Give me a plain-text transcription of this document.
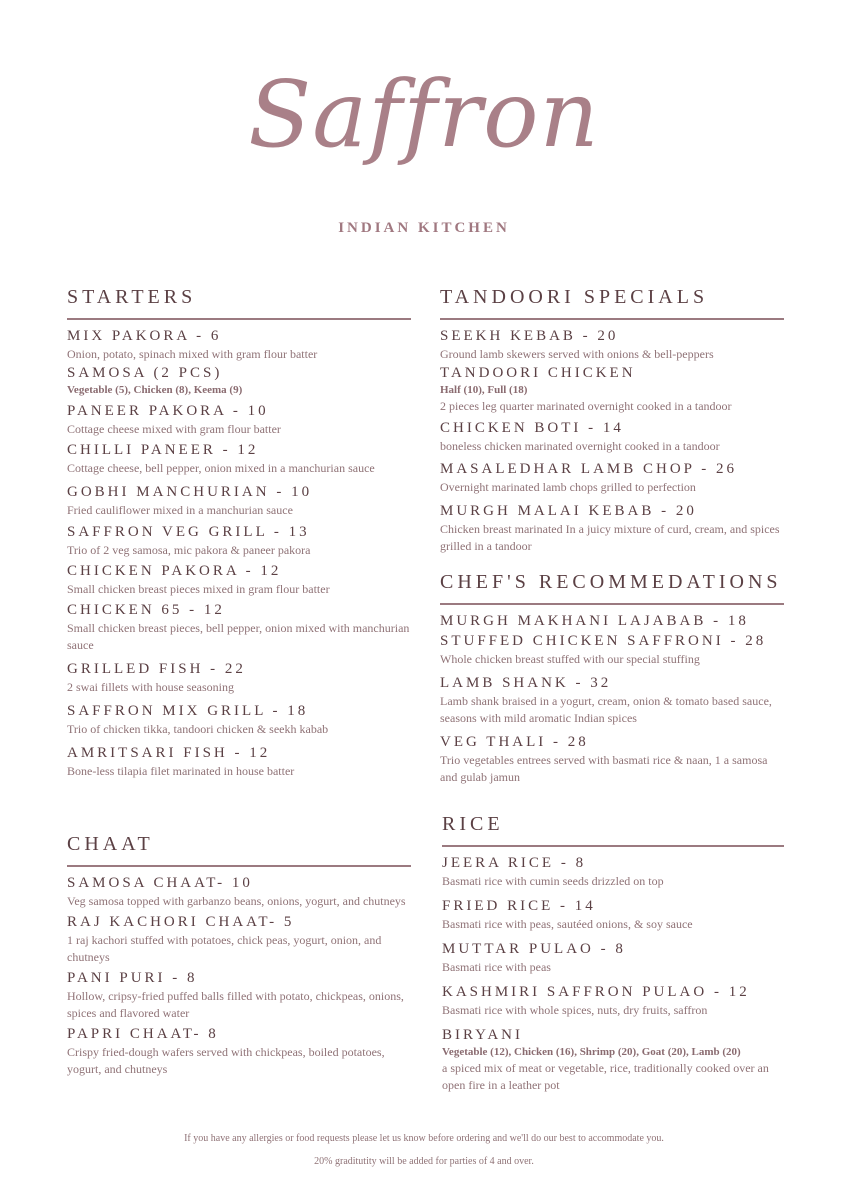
Saffron
INDIAN KITCHEN
STARTERS
MIX PAKORA - 6
Onion, potato, spinach mixed with gram flour batter
SAMOSA (2 PCS)
Vegetable (5), Chicken (8), Keema (9)
PANEER PAKORA - 10
Cottage cheese mixed with gram flour batter
CHILLI PANEER - 12
Cottage cheese, bell pepper, onion mixed in a manchurian sauce
GOBHI MANCHURIAN - 10
Fried cauliflower mixed in a manchurian sauce
SAFFRON VEG GRILL - 13
Trio of 2 veg samosa, mic pakora & paneer pakora
CHICKEN PAKORA - 12
Small chicken breast pieces mixed in gram flour batter
CHICKEN 65 - 12
Small chicken breast pieces, bell pepper, onion mixed with manchurian sauce
GRILLED FISH - 22
2 swai fillets with house seasoning
SAFFRON MIX GRILL - 18
Trio of chicken tikka, tandoori chicken & seekh kabab
AMRITSARI FISH - 12
Bone-less tilapia filet marinated in house batter
CHAAT
SAMOSA CHAAT- 10
Veg samosa topped with garbanzo beans, onions, yogurt, and chutneys
RAJ KACHORI CHAAT- 5
1 raj kachori stuffed with potatoes, chick peas, yogurt, onion, and chutneys
PANI PURI - 8
Hollow, cripsy-fried puffed balls filled with potato, chickpeas, onions, spices and flavored water
PAPRI CHAAT- 8
Crispy fried-dough wafers served with chickpeas, boiled potatoes, yogurt, and chutneys
TANDOORI SPECIALS
SEEKH KEBAB - 20
Ground lamb skewers served with onions & bell-peppers
TANDOORI CHICKEN
Half (10), Full (18)
2 pieces leg quarter marinated overnight cooked in a tandoor
CHICKEN BOTI - 14
boneless chicken marinated overnight cooked in a tandoor
MASALEDHAR LAMB CHOP - 26
Overnight marinated lamb chops grilled to perfection
MURGH MALAI KEBAB - 20
Chicken breast marinated In a juicy mixture of curd, cream, and spices grilled in a tandoor
CHEF'S RECOMMEDATIONS
MURGH MAKHANI LAJABAB - 18
STUFFED CHICKEN SAFFRONI - 28
Whole chicken breast stuffed with our special stuffing
LAMB SHANK - 32
Lamb shank braised in a yogurt, cream, onion & tomato based sauce, seasons with mild aromatic Indian spices
VEG THALI - 28
Trio vegetables entrees served with basmati rice & naan, 1 a samosa and gulab jamun
RICE
JEERA RICE - 8
Basmati rice with cumin seeds drizzled on top
FRIED RICE - 14
Basmati rice with peas, sautéed onions, & soy sauce
MUTTAR PULAO - 8
Basmati rice with peas
KASHMIRI SAFFRON PULAO - 12
Basmati rice with whole spices, nuts, dry fruits, saffron
BIRYANI
Vegetable (12), Chicken (16), Shrimp (20), Goat (20), Lamb (20)
a spiced mix of meat or vegetable, rice, traditionally cooked over an open fire in a leather pot
If you have any allergies or food requests please let us know before ordering and we'll do our best to accommodate you.
20% graditutity will be added for parties of 4 and over.
